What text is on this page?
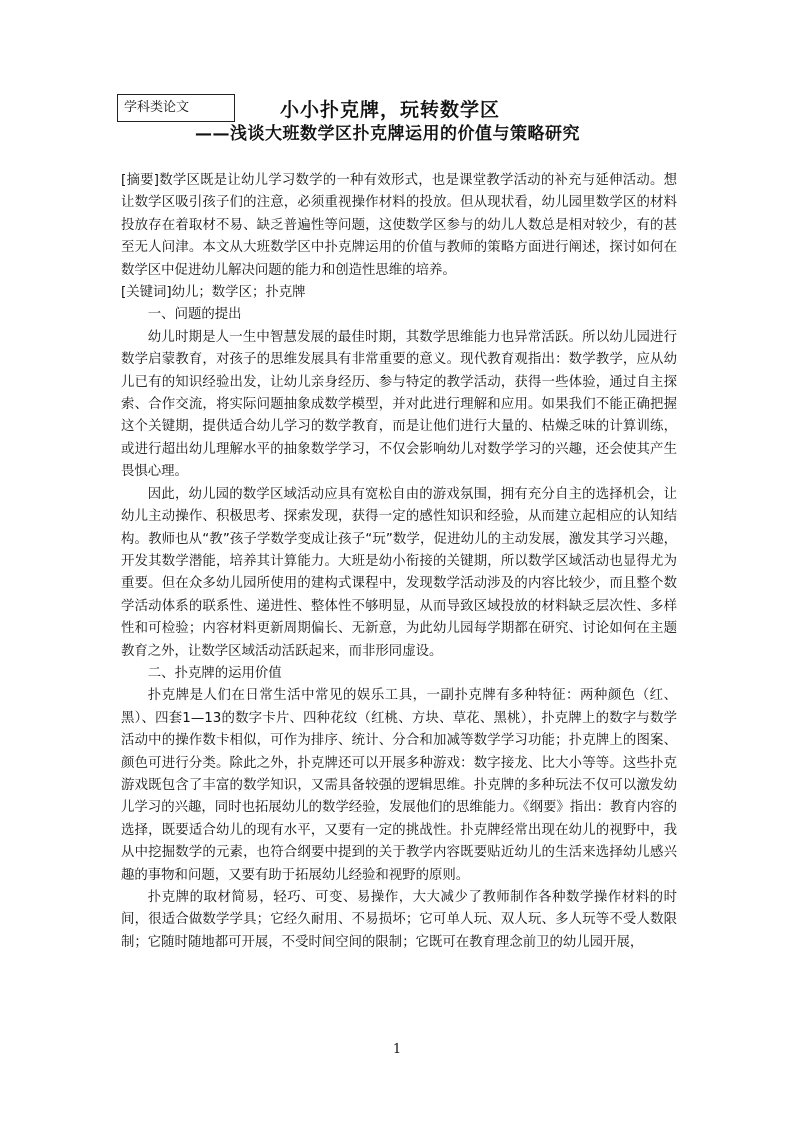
学科类论文	小小扑克牌，玩转数学区
——浅谈大班数学区扑克牌运用的价值与策略研究

[摘要]数学区既是让幼儿学习数学的一种有效形式，也是课堂教学活动的补充与延伸活动。想让数学区吸引孩子们的注意，必须重视操作材料的投放。但从现状看，幼儿园里数学区的材料投放存在着取材不易、缺乏普遍性等问题，这使数学区参与的幼儿人数总是相对较少，有的甚至无人问津。本文从大班数学区中扑克牌运用的价值与教师的策略方面进行阐述，探讨如何在数学区中促进幼儿解决问题的能力和创造性思维的培养。

[关键词]幼儿；数学区；扑克牌

一、问题的提出

幼儿时期是人一生中智慧发展的最佳时期，其数学思维能力也异常活跃。所以幼儿园进行数学启蒙教育，对孩子的思维发展具有非常重要的意义。现代教育观指出：数学教学，应从幼儿已有的知识经验出发，让幼儿亲身经历、参与特定的教学活动，获得一些体验，通过自主探索、合作交流，将实际问题抽象成数学模型，并对此进行理解和应用。如果我们不能正确把握这个关键期，提供适合幼儿学习的数学教育，而是让他们进行大量的、枯燥乏味的计算训练，或进行超出幼儿理解水平的抽象数学学习，不仅会影响幼儿对数学学习的兴趣，还会使其产生畏惧心理。

因此，幼儿园的数学区域活动应具有宽松自由的游戏氛围，拥有充分自主的选择机会，让幼儿主动操作、积极思考、探索发现，获得一定的感性知识和经验，从而建立起相应的认知结构。教师也从“教”孩子学数学变成让孩子“玩”数学，促进幼儿的主动发展，激发其学习兴趣，开发其数学潜能，培养其计算能力。大班是幼小衔接的关键期，所以数学区域活动也显得尤为重要。但在众多幼儿园所使用的建构式课程中，发现数学活动涉及的内容比较少，而且整个数学活动体系的联系性、递进性、整体性不够明显，从而导致区域投放的材料缺乏层次性、多样性和可检验；内容材料更新周期偏长、无新意，为此幼儿园每学期都在研究、讨论如何在主题教育之外，让数学区域活动活跃起来，而非形同虚设。

二、扑克牌的运用价值

扑克牌是人们在日常生活中常见的娱乐工具，一副扑克牌有多种特征：两种颜色（红、黑）、四套1—13的数字卡片、四种花纹（红桃、方块、草花、黑桃），扑克牌上的数字与数学活动中的操作数卡相似，可作为排序、统计、分合和加减等数学学习功能；扑克牌上的图案、颜色可进行分类。除此之外，扑克牌还可以开展多种游戏：数字接龙、比大小等等。这些扑克游戏既包含了丰富的数学知识，又需具备较强的逻辑思维。扑克牌的多种玩法不仅可以激发幼儿学习的兴趣，同时也拓展幼儿的数学经验，发展他们的思维能力。《纲要》指出：教育内容的选择，既要适合幼儿的现有水平，又要有一定的挑战性。扑克牌经常出现在幼儿的视野中，我从中挖掘数学的元素，也符合纲要中提到的关于教学内容既要贴近幼儿的生活来选择幼儿感兴趣的事物和问题，又要有助于拓展幼儿经验和视野的原则。

扑克牌的取材简易，轻巧、可变、易操作，大大减少了教师制作各种数学操作材料的时间，很适合做数学学具；它经久耐用、不易损坏；它可单人玩、双人玩、多人玩等不受人数限制；它随时随地都可开展，不受时间空间的限制；它既可在教育理念前卫的幼儿园开展，

1
